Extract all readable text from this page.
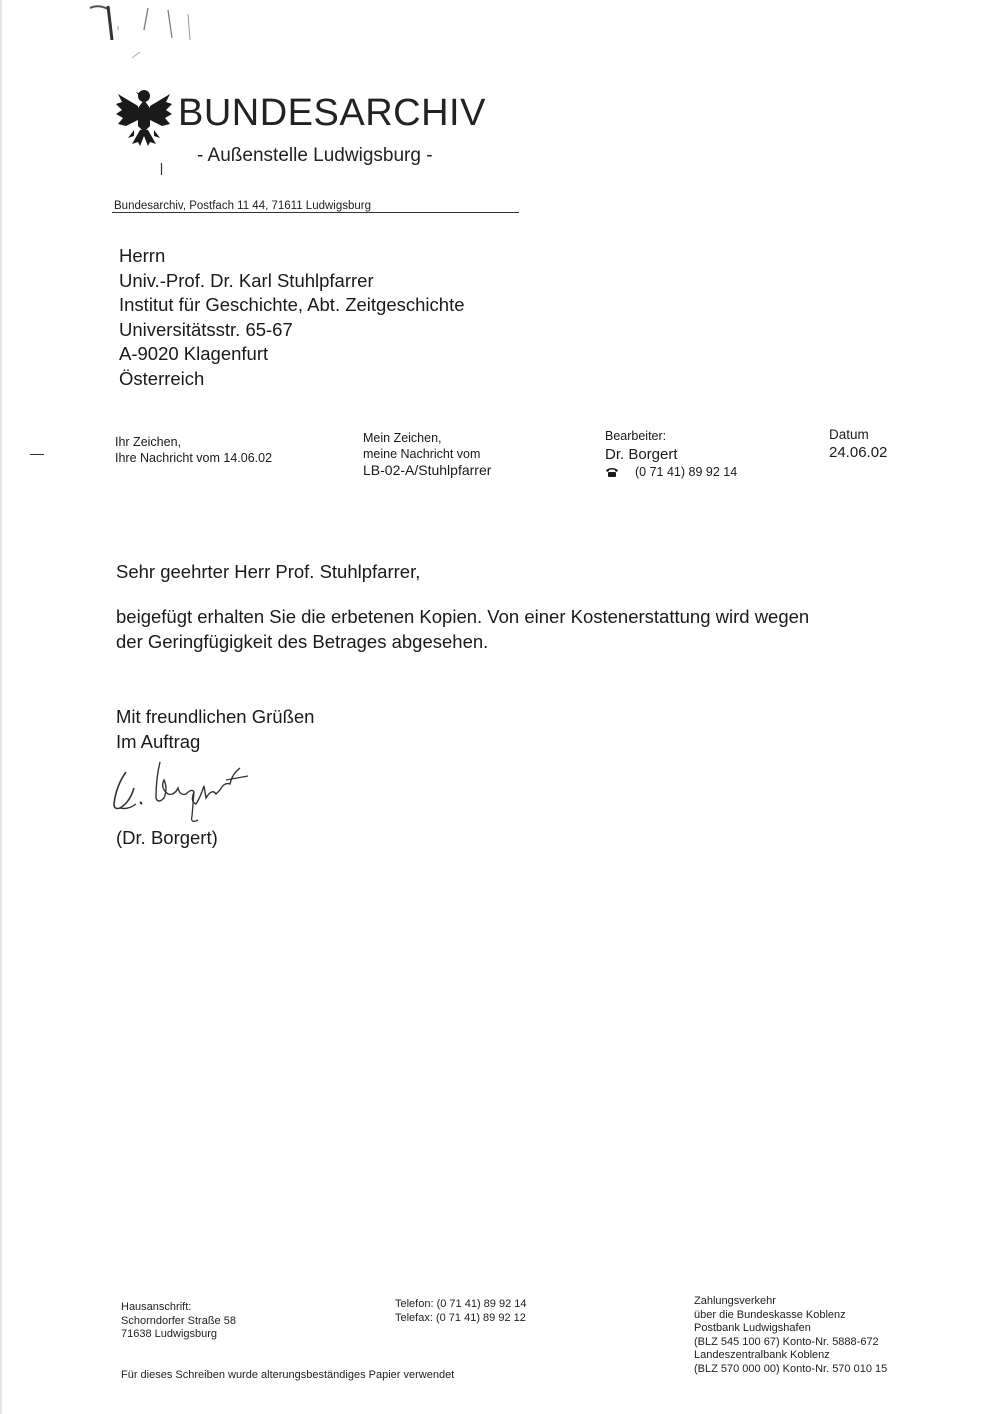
BUNDESARCHIV
- Außenstelle Ludwigsburg -
Bundesarchiv, Postfach 11 44, 71611 Ludwigsburg
Herrn
Univ.-Prof. Dr. Karl Stuhlpfarrer
Institut für Geschichte, Abt. Zeitgeschichte
Universitätsstr. 65-67
A-9020 Klagenfurt
Österreich
Ihr Zeichen,
Ihre Nachricht vom 14.06.02
Mein Zeichen,
meine Nachricht vom
LB-02-A/Stuhlpfarrer
Bearbeiter:
Dr. Borgert
(0 71 41) 89 92 14
Datum
24.06.02
Sehr geehrter Herr Prof. Stuhlpfarrer,
beigefügt erhalten Sie die erbetenen Kopien. Von einer Kostenerstattung wird wegen
der Geringfügigkeit des Betrages abgesehen.
Mit freundlichen Grüßen
Im Auftrag
(Dr. Borgert)
Hausanschrift:
Schorndorfer Straße 58
71638 Ludwigsburg
Telefon: (0 71 41) 89 92 14
Telefax: (0 71 41) 89 92 12
Zahlungsverkehr
über die Bundeskasse Koblenz
Postbank Ludwigshafen
(BLZ 545 100 67) Konto-Nr. 5888-672
Landeszentralbank Koblenz
(BLZ 570 000 00) Konto-Nr. 570 010 15
Für dieses Schreiben wurde alterungsbeständiges Papier verwendet
